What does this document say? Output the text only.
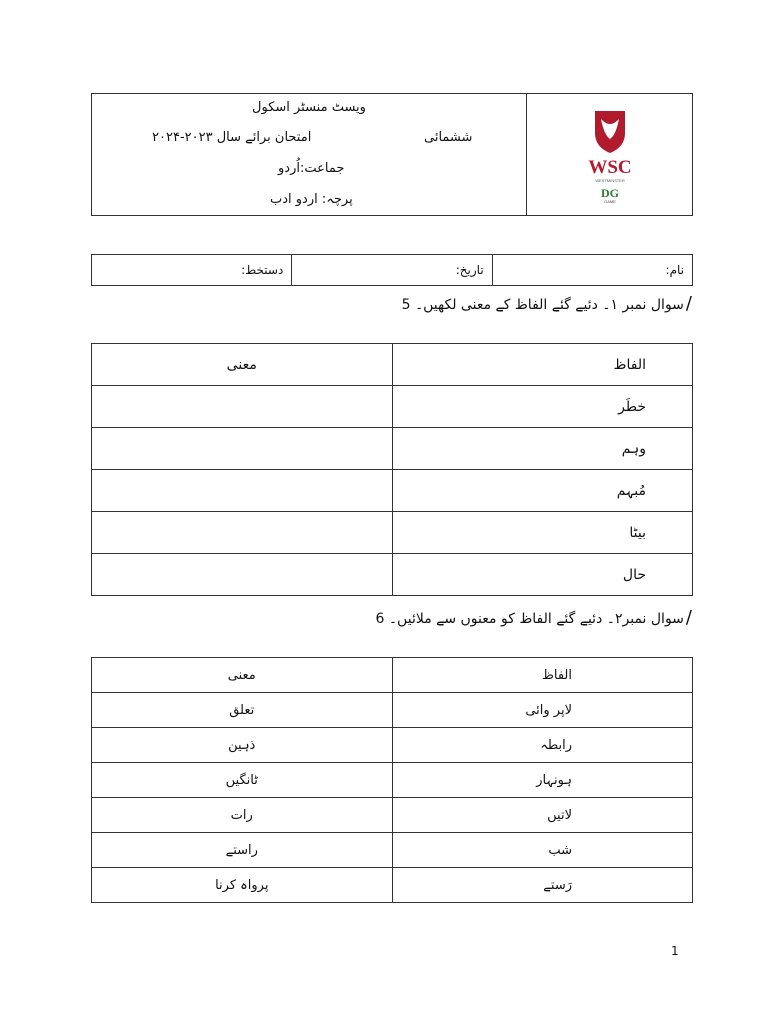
ویسٹ منسٹر اسکول
امتحان برائے سال ۲۰۲۳-۲۰۲۴	ششمائی
جماعت:اُردو
پرچہ: اردو ادب

WSC
WESTMINSTER
DG
GAME
دستخط:	تاریخ:	نام:
/سوال نمبر ۱۔ دئیے گئے الفاظ کے معنی لکھیں۔ 5
معنی	الفاظ
	خطَر
	وہم
	مُبہم
	بیٹا
	حال
/سوال نمبر۲۔ دئیے گئے الفاظ کو معنوں سے ملائیں۔ 6
معنی	الفاظ
تعلق	لاپر وائی
ذہین	رابطہ
ٹانگیں	ہونہار
رات	لاتیں
راستے	شب
پرواہ کرنا	رَستے
1
